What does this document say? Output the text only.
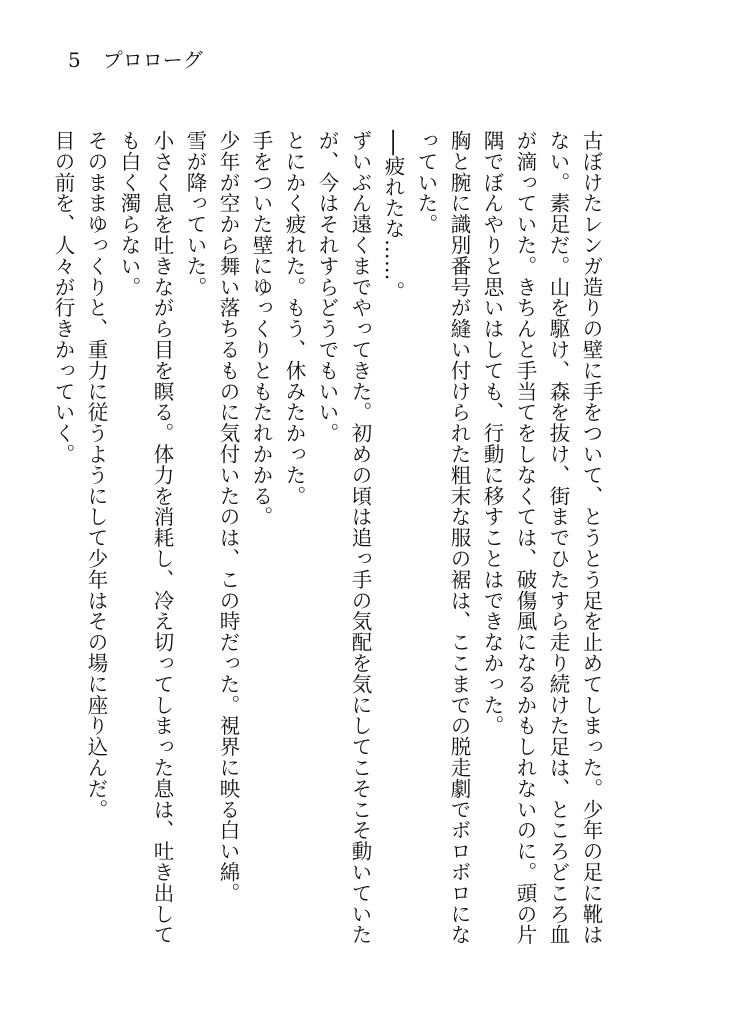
5 プロローグ

古ぼけたレンガ造りの壁に手をついて、とうとう足を止めてしまった。少年の足に靴はない。素足だ。山を駆け、森を抜け、街までひたすら走り続けた足は、ところどころ血が滴っていた。きちんと手当てをしなくては、破傷風になるかもしれないのに。頭の片隅でぼんやりと思いはしても、行動に移すことはできなかった。

胸と腕に識別番号が縫い付けられた粗末な服の裾は、ここまでの脱走劇でボロボロになっていた。

──疲れたな……。

ずいぶん遠くまでやってきた。初めの頃は追っ手の気配を気にしてこそこそ動いていたが、今はそれすらどうでもいい。

とにかく疲れた。もう、休みたかった。

手をついた壁にゆっくりともたれかかる。

少年が空から舞い落ちるものに気付いたのは、この時だった。視界に映る白い綿。

雪が降っていた。

小さく息を吐きながら目を瞑る。体力を消耗し、冷え切ってしまった息は、吐き出しても白く濁らない。

そのままゆっくりと、重力に従うようにして少年はその場に座り込んだ。

目の前を、人々が行きかっていく。
